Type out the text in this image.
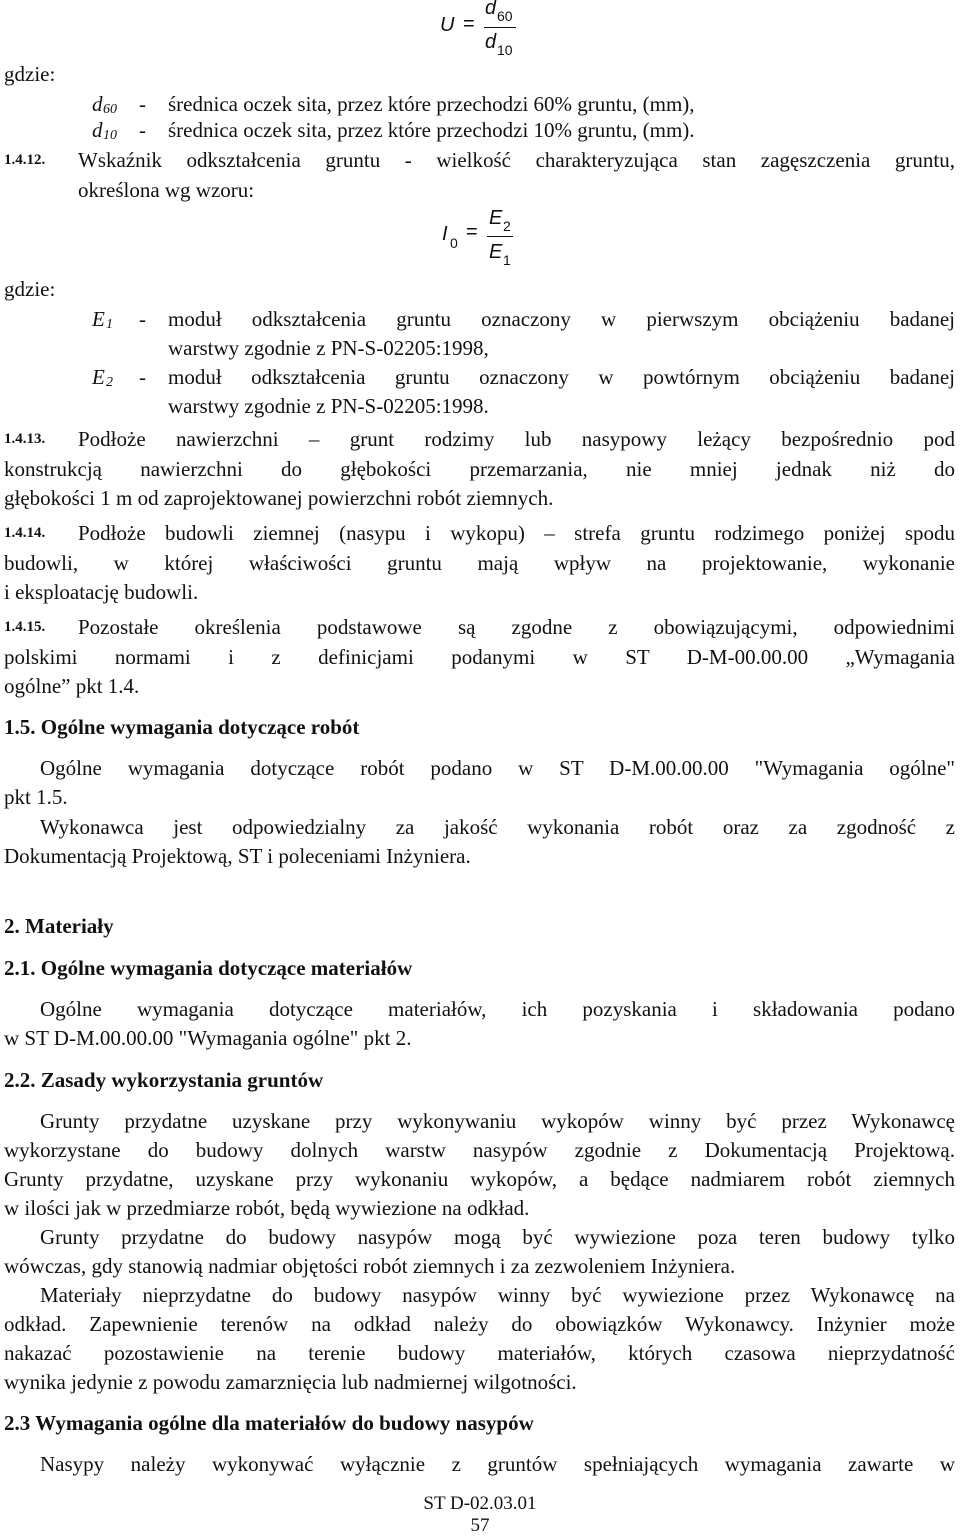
U =
d 60
d 10
gdzie:
d 60 - średnica oczek sita, przez które przechodzi 60% gruntu, (mm),
d 10 - średnica oczek sita, przez które przechodzi 10% gruntu, (mm).
1.4.12. Wskaźnik odkształcenia gruntu - wielkość charakteryzująca stan zagęszczenia gruntu,
określona wg wzoru:
I 0 =
E 2
E 1
gdzie:
E 1 - moduł odkształcenia gruntu oznaczony w pierwszym obciążeniu badanej
warstwy zgodnie z PN-S-02205:1998,
E 2 - moduł odkształcenia gruntu oznaczony w powtórnym obciążeniu badanej
warstwy zgodnie z PN-S-02205:1998.
1.4.13. Podłoże nawierzchni – grunt rodzimy lub nasypowy leżący bezpośrednio pod
konstrukcją nawierzchni do głębokości przemarzania, nie mniej jednak niż do
głębokości 1 m od zaprojektowanej powierzchni robót ziemnych.
1.4.14. Podłoże budowli ziemnej (nasypu i wykopu) – strefa gruntu rodzimego poniżej spodu
budowli, w której właściwości gruntu mają wpływ na projektowanie, wykonanie
i eksploatację budowli.
1.4.15. Pozostałe określenia podstawowe są zgodne z obowiązującymi, odpowiednimi
polskimi normami i z definicjami podanymi w ST D-M-00.00.00 „Wymagania
ogólne” pkt 1.4.
1.5. Ogólne wymagania dotyczące robót
Ogólne wymagania dotyczące robót podano w ST D-M.00.00.00 "Wymagania ogólne"
pkt 1.5.
Wykonawca jest odpowiedzialny za jakość wykonania robót oraz za zgodność z
Dokumentacją Projektową, ST i poleceniami Inżyniera.
2. Materiały
2.1. Ogólne wymagania dotyczące materiałów
Ogólne wymagania dotyczące materiałów, ich pozyskania i składowania podano
w ST D-M.00.00.00 "Wymagania ogólne" pkt 2.
2.2. Zasady wykorzystania gruntów
Grunty przydatne uzyskane przy wykonywaniu wykopów winny być przez Wykonawcę
wykorzystane do budowy dolnych warstw nasypów zgodnie z Dokumentacją Projektową.
Grunty przydatne, uzyskane przy wykonaniu wykopów, a będące nadmiarem robót ziemnych
w ilości jak w przedmiarze robót, będą wywiezione na odkład.
Grunty przydatne do budowy nasypów mogą być wywiezione poza teren budowy tylko
wówczas, gdy stanowią nadmiar objętości robót ziemnych i za zezwoleniem Inżyniera.
Materiały nieprzydatne do budowy nasypów winny być wywiezione przez Wykonawcę na
odkład. Zapewnienie terenów na odkład należy do obowiązków Wykonawcy. Inżynier może
nakazać pozostawienie na terenie budowy materiałów, których czasowa nieprzydatność
wynika jedynie z powodu zamarznięcia lub nadmiernej wilgotności.
2.3 Wymagania ogólne dla materiałów do budowy nasypów
Nasypy należy wykonywać wyłącznie z gruntów spełniających wymagania zawarte w
ST D-02.03.01
57
